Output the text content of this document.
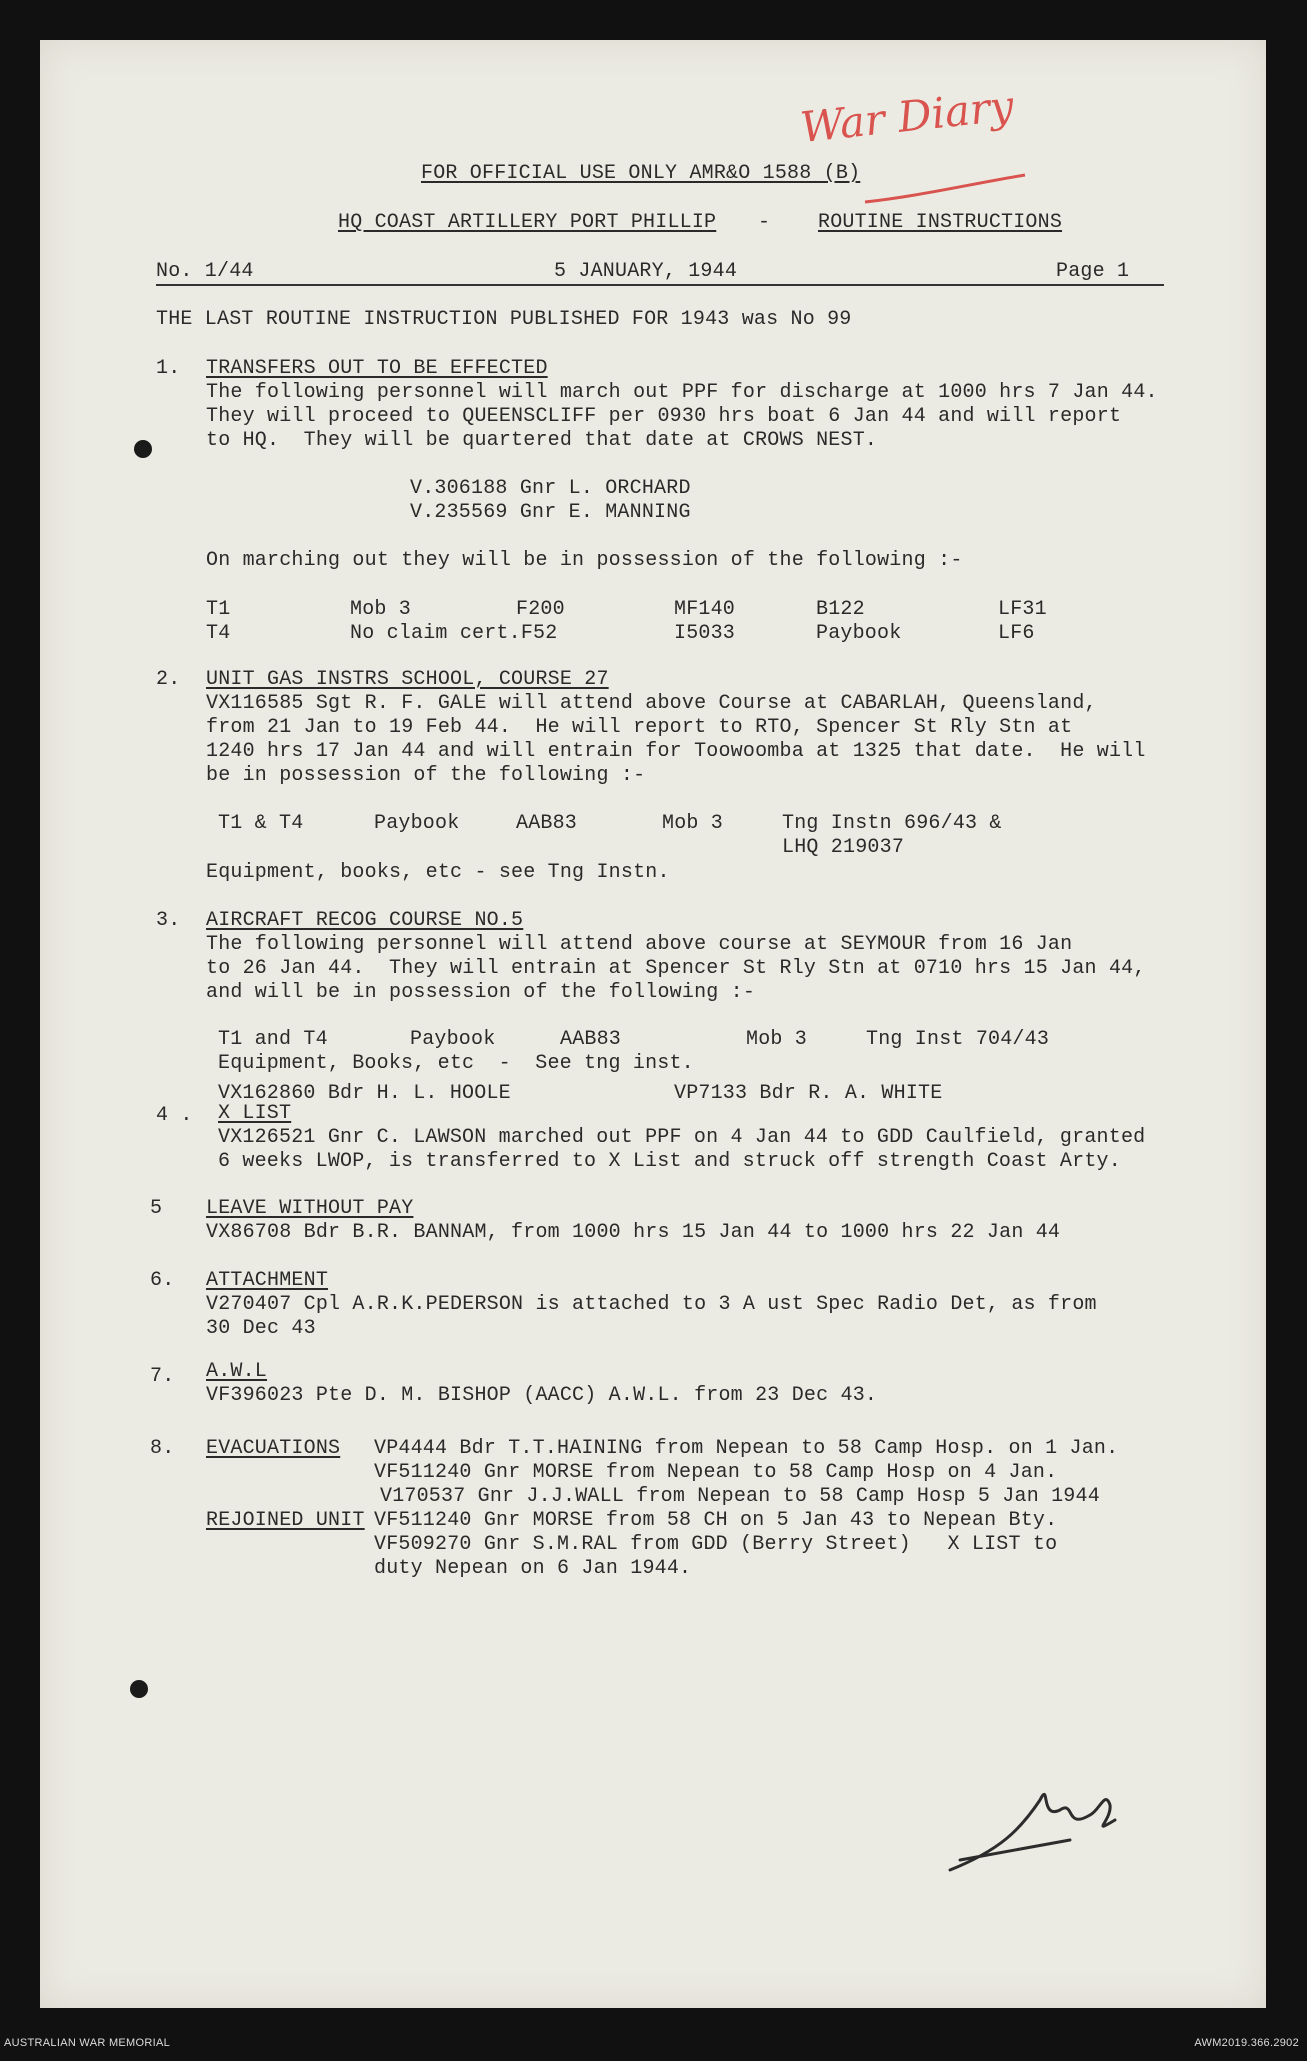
War Diary
FOR OFFICIAL USE ONLY AMR&O 1588 (B)
HQ COAST ARTILLERY PORT PHILLIP - ROUTINE INSTRUCTIONS
No. 1/44	5 JANUARY, 1944	Page 1
THE LAST ROUTINE INSTRUCTION PUBLISHED FOR 1943 was No 99
1. TRANSFERS OUT TO BE EFFECTED
The following personnel will march out PPF for discharge at 1000 hrs 7 Jan 44.
They will proceed to QUEENSCLIFF per 0930 hrs boat 6 Jan 44 and will report
to HQ.  They will be quartered that date at CROWS NEST.
V.306188 Gnr L. ORCHARD
V.235569 Gnr E. MANNING
On marching out they will be in possession of the following :-
T1	Mob 3	F200	MF140	B122	LF31
T4	No claim cert.F52	I5033	Paybook	LF6
2. UNIT GAS INSTRS SCHOOL, COURSE 27
VX116585 Sgt R. F. GALE will attend above Course at CABARLAH, Queensland,
from 21 Jan to 19 Feb 44.  He will report to RTO, Spencer St Rly Stn at
1240 hrs 17 Jan 44 and will entrain for Toowoomba at 1325 that date.  He will
be in possession of the following :-
T1 & T4	Paybook	AAB83	Mob 3	Tng Instn 696/43 &
LHQ 219037
Equipment, books, etc - see Tng Instn.
3. AIRCRAFT RECOG COURSE NO.5
The following personnel will attend above course at SEYMOUR from 16 Jan
to 26 Jan 44.  They will entrain at Spencer St Rly Stn at 0710 hrs 15 Jan 44,
and will be in possession of the following :-
T1 and T4	Paybook	AAB83	Mob 3	Tng Inst 704/43
Equipment, Books, etc  -  See tng inst.
VX162860 Bdr H. L. HOOLE	VP7133 Bdr R. A. WHITE
4 . X LIST
VX126521 Gnr C. LAWSON marched out PPF on 4 Jan 44 to GDD Caulfield, granted
6 weeks LWOP, is transferred to X List and struck off strength Coast Arty.
5 LEAVE WITHOUT PAY
VX86708 Bdr B.R. BANNAM, from 1000 hrs 15 Jan 44 to 1000 hrs 22 Jan 44
6. ATTACHMENT
V270407 Cpl A.R.K.PEDERSON is attached to 3 A ust Spec Radio Det, as from
30 Dec 43
7. A.W.L
VF396023 Pte D. M. BISHOP (AACC) A.W.L. from 23 Dec 43.
8. EVACUATIONS VP4444 Bdr T.T.HAINING from Nepean to 58 Camp Hosp. on 1 Jan.
VF511240 Gnr MORSE from Nepean to 58 Camp Hosp on 4 Jan.
V170537 Gnr J.J.WALL from Nepean to 58 Camp Hosp 5 Jan 1944
REJOINED UNIT VF511240 Gnr MORSE from 58 CH on 5 Jan 43 to Nepean Bty.
VF509270 Gnr S.M.RAL from GDD (Berry Street)   X LIST to
duty Nepean on 6 Jan 1944.
AUSTRALIAN WAR MEMORIAL	AWM2019.366.2902
